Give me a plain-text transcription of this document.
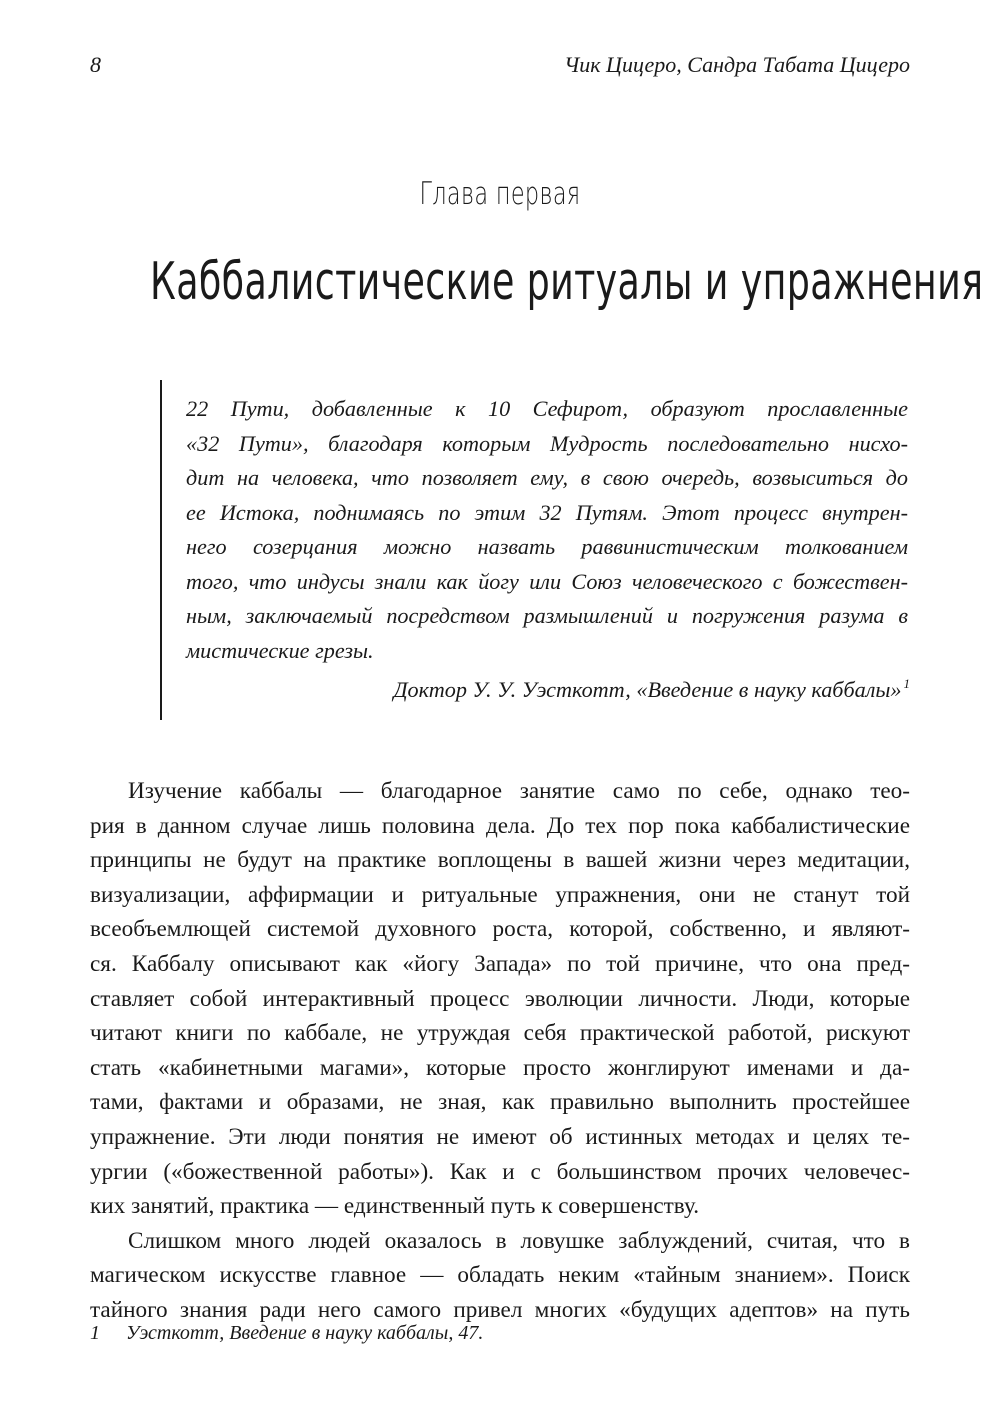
8	Чик Цицеро, Сандра Табата Цицеро
Глава первая
Каббалистические ритуалы и упражнения
22 Пути, добавленные к 10 Сефирот, образуют прославленные
«32 Пути», благодаря которым Мудрость последовательно нисхо-
дит на человека, что позволяет ему, в свою очередь, возвыситься до
ее Истока, поднимаясь по этим 32 Путям. Этот процесс внутрен-
него созерцания можно назвать раввинистическим толкованием
того, что индусы знали как йогу или Союз человеческого с божествен-
ным, заключаемый посредством размышлений и погружения разума в
мистические грезы.
Доктор У. У. Уэсткотт, «Введение в науку каббалы» $^1$
Изучение каббалы — благодарное занятие само по себе, однако тео-
рия в данном случае лишь половина дела. До тех пор пока каббалистические
принципы не будут на практике воплощены в вашей жизни через медитации,
визуализации, аффирмации и ритуальные упражнения, они не станут той
всеобъемлющей системой духовного роста, которой, собственно, и являют-
ся. Каббалу описывают как «йогу Запада» по той причине, что она пред-
ставляет собой интерактивный процесс эволюции личности. Люди, которые
читают книги по каббале, не утруждая себя практической работой, рискуют
стать «кабинетными магами», которые просто жонглируют именами и да-
тами, фактами и образами, не зная, как правильно выполнить простейшее
упражнение. Эти люди понятия не имеют об истинных методах и целях те-
ургии («божественной работы»). Как и с большинством прочих человечес-
ких занятий, практика — единственный путь к совершенству.
Слишком много людей оказалось в ловушке заблуждений, считая, что в
магическом искусстве главное — обладать неким «тайным знанием». Поиск
тайного знания ради него самого привел многих «будущих адептов» на путь
1 Уэсткотт, Введение в науку каббалы, 47.
